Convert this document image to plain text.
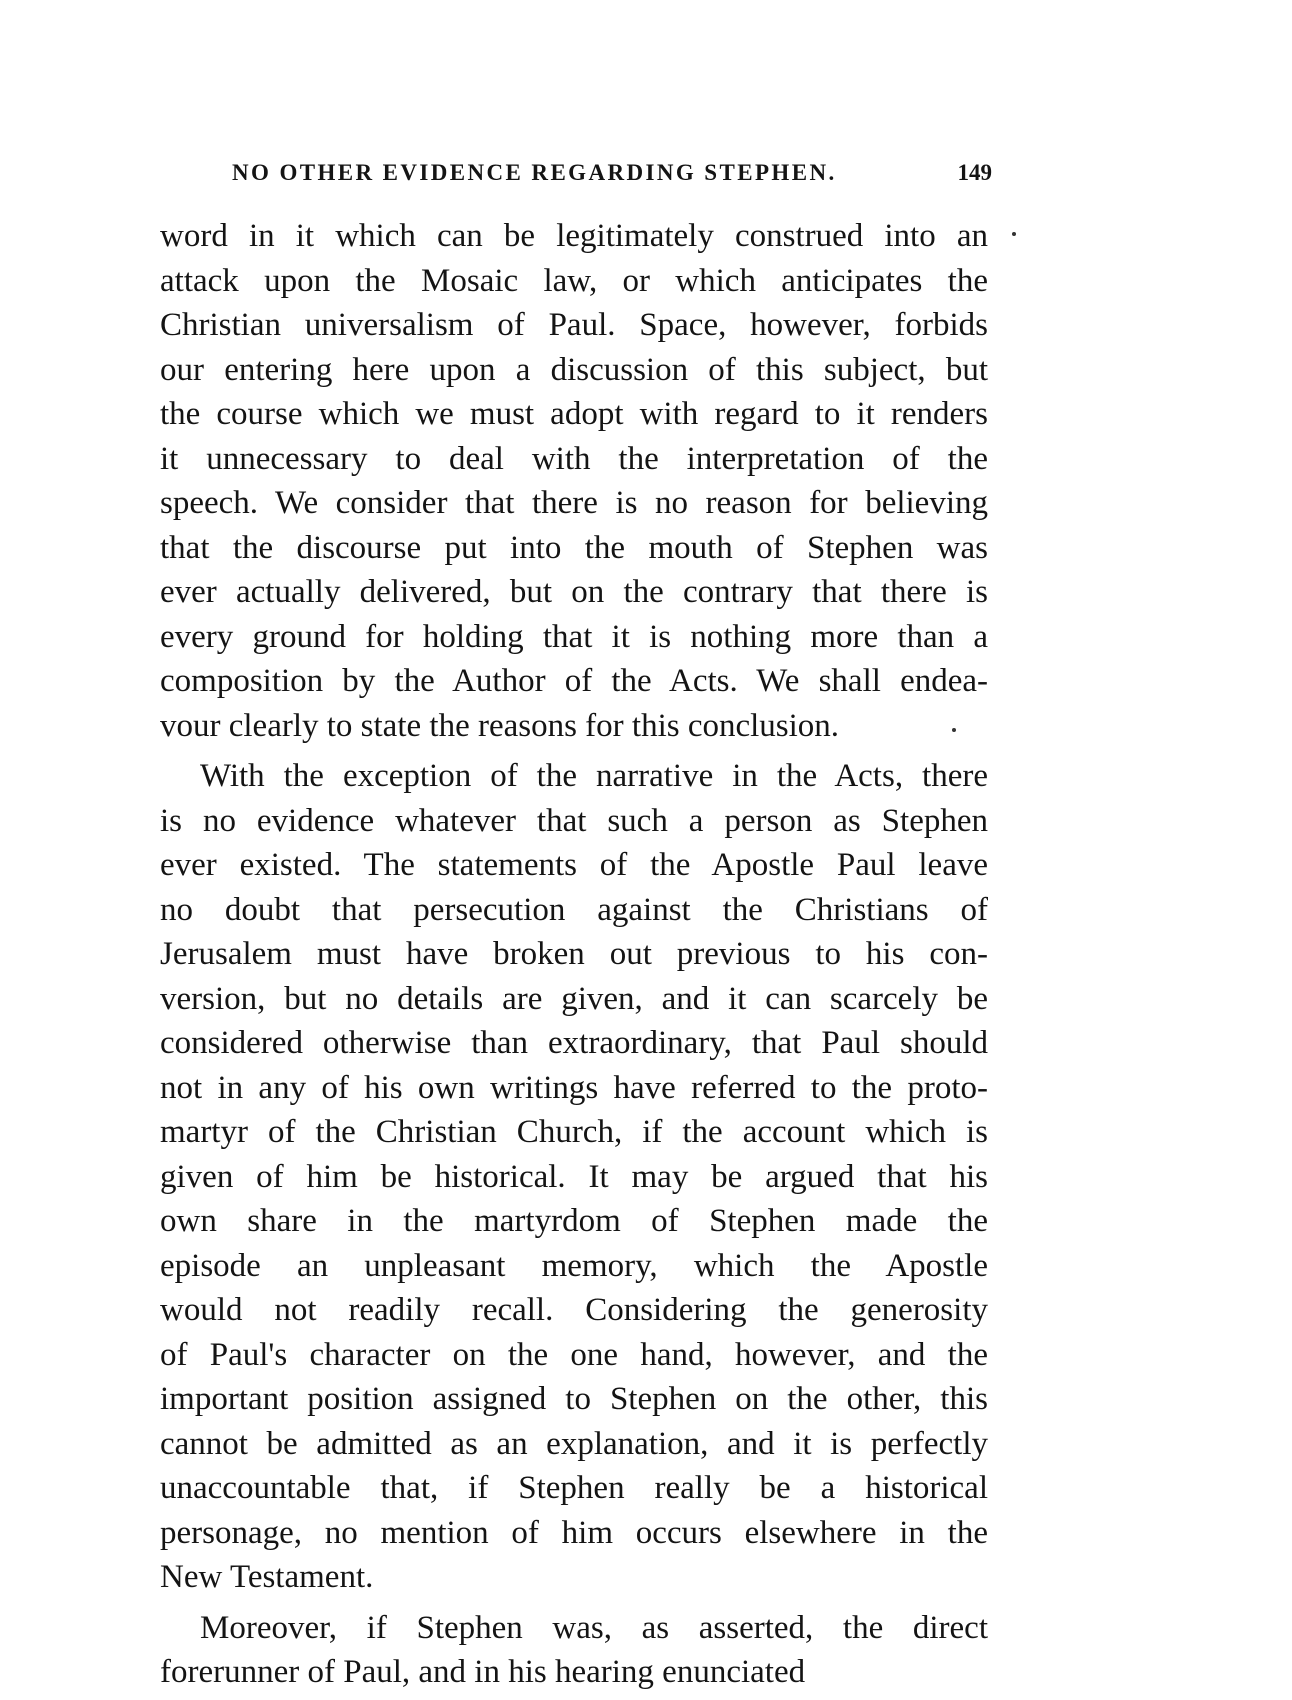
NO OTHER EVIDENCE REGARDING STEPHEN.	149
word in it which can be legitimately construed into an
attack upon the Mosaic law, or which anticipates the
Christian universalism of Paul. Space, however, forbids
our entering here upon a discussion of this subject, but
the course which we must adopt with regard to it renders
it unnecessary to deal with the interpretation of the
speech. We consider that there is no reason for believing
that the discourse put into the mouth of Stephen was
ever actually delivered, but on the contrary that there is
every ground for holding that it is nothing more than a
composition by the Author of the Acts. We shall endea-
vour clearly to state the reasons for this conclusion.
With the exception of the narrative in the Acts, there
is no evidence whatever that such a person as Stephen
ever existed. The statements of the Apostle Paul leave
no doubt that persecution against the Christians of
Jerusalem must have broken out previous to his con-
version, but no details are given, and it can scarcely be
considered otherwise than extraordinary, that Paul should
not in any of his own writings have referred to the proto-
martyr of the Christian Church, if the account which is
given of him be historical. It may be argued that his
own share in the martyrdom of Stephen made the
episode an unpleasant memory, which the Apostle
would not readily recall. Considering the generosity
of Paul's character on the one hand, however, and the
important position assigned to Stephen on the other, this
cannot be admitted as an explanation, and it is perfectly
unaccountable that, if Stephen really be a historical
personage, no mention of him occurs elsewhere in the
New Testament.
Moreover, if Stephen was, as asserted, the direct
forerunner of Paul, and in his hearing enunciated
